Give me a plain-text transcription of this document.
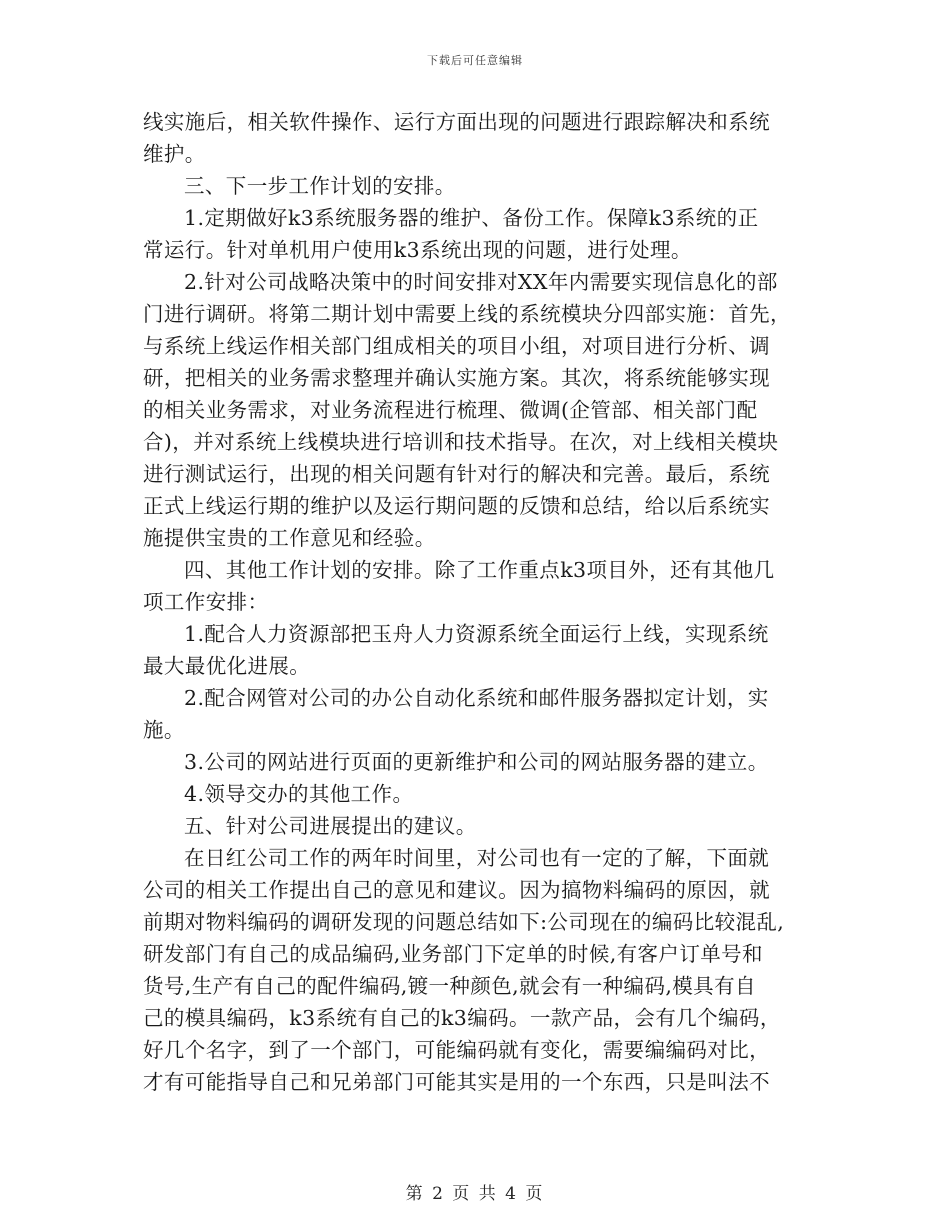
下载后可任意编辑
线实施后，相关软件操作、运行方面出现的问题进行跟踪解决和系统
维护。
三、下一步工作计划的安排。
1.定期做好k3系统服务器的维护、备份工作。保障k3系统的正
常运行。针对单机用户使用k3系统出现的问题，进行处理。
2.针对公司战略决策中的时间安排对XX年内需要实现信息化的部
门进行调研。将第二期计划中需要上线的系统模块分四部实施：首先，
与系统上线运作相关部门组成相关的项目小组，对项目进行分析、调
研，把相关的业务需求整理并确认实施方案。其次，将系统能够实现
的相关业务需求，对业务流程进行梳理、微调(企管部、相关部门配
合)，并对系统上线模块进行培训和技术指导。在次，对上线相关模块
进行测试运行，出现的相关问题有针对行的解决和完善。最后，系统
正式上线运行期的维护以及运行期问题的反馈和总结，给以后系统实
施提供宝贵的工作意见和经验。
四、其他工作计划的安排。除了工作重点k3项目外，还有其他几
项工作安排：
1.配合人力资源部把玉舟人力资源系统全面运行上线，实现系统
最大最优化进展。
2.配合网管对公司的办公自动化系统和邮件服务器拟定计划，实
施。
3.公司的网站进行页面的更新维护和公司的网站服务器的建立。
4.领导交办的其他工作。
五、针对公司进展提出的建议。
在日红公司工作的两年时间里，对公司也有一定的了解，下面就
公司的相关工作提出自己的意见和建议。因为搞物料编码的原因，就
前期对物料编码的调研发现的问题总结如下:公司现在的编码比较混乱,
研发部门有自己的成品编码,业务部门下定单的时候,有客户订单号和
货号,生产有自己的配件编码,镀一种颜色,就会有一种编码,模具有自
己的模具编码，k3系统有自己的k3编码。一款产品，会有几个编码，
好几个名字，到了一个部门，可能编码就有变化，需要编编码对比，
才有可能指导自己和兄弟部门可能其实是用的一个东西，只是叫法不
第 2 页 共 4 页
